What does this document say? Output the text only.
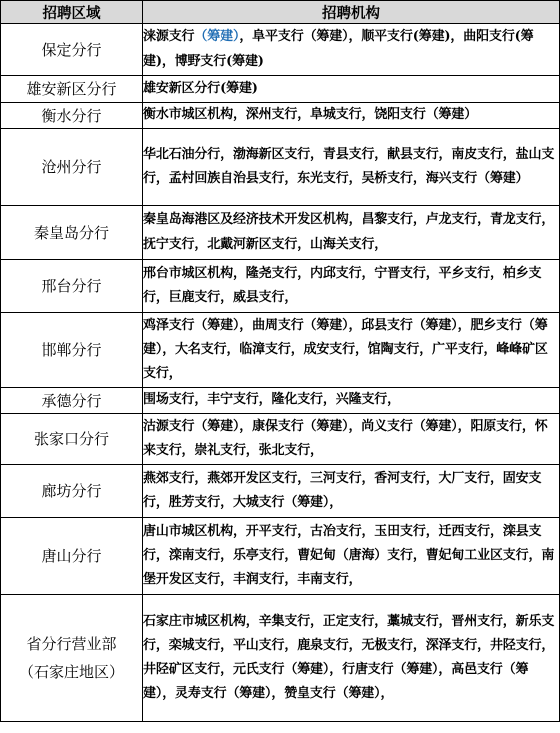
招聘区域	招聘机构
保定分行	涞源支行（筹建），阜平支行（筹建），顺平支行(筹建)，曲阳支行(筹建)，博野支行(筹建)
雄安新区分行	雄安新区分行(筹建)
衡水分行	衡水市城区机构，深州支行，阜城支行，饶阳支行（筹建）
沧州分行	华北石油分行，渤海新区支行，青县支行，献县支行，南皮支行，盐山支行，孟村回族自治县支行，东光支行，吴桥支行，海兴支行（筹建）
秦皇岛分行	秦皇岛海港区及经济技术开发区机构，昌黎支行，卢龙支行，青龙支行，抚宁支行，北戴河新区支行，山海关支行，
邢台分行	邢台市城区机构，隆尧支行，内邱支行，宁晋支行，平乡支行，柏乡支行，巨鹿支行，威县支行，
邯郸分行	鸡泽支行（筹建），曲周支行（筹建），邱县支行（筹建），肥乡支行（筹建），大名支行，临漳支行，成安支行，馆陶支行，广平支行，峰峰矿区支行，
承德分行	围场支行，丰宁支行，隆化支行，兴隆支行，
张家口分行	沽源支行（筹建），康保支行（筹建），尚义支行（筹建），阳原支行，怀来支行，崇礼支行，张北支行，
廊坊分行	燕郊支行，燕郊开发区支行，三河支行，香河支行，大厂支行，固安支行，胜芳支行，大城支行（筹建），
唐山分行	唐山市城区机构，开平支行，古冶支行，玉田支行，迁西支行，滦县支行，滦南支行，乐亭支行，曹妃甸（唐海）支行，曹妃甸工业区支行，南堡开发区支行，丰润支行，丰南支行，

省分行营业部
（石家庄地区）	石家庄市城区机构，辛集支行，正定支行，藁城支行，晋州支行，新乐支行，栾城支行，平山支行，鹿泉支行，无极支行，深泽支行，井陉支行，井陉矿区支行，元氏支行（筹建），行唐支行（筹建），高邑支行（筹建），灵寿支行（筹建），赞皇支行（筹建），
